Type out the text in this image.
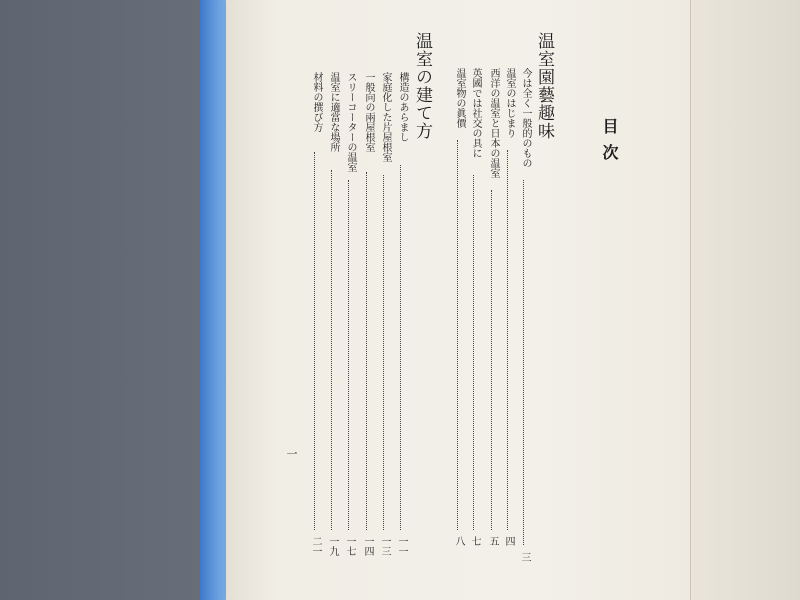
目次
温室園藝趣味
今は全く一般的のもの
三
温室のはじまり
四
西洋の温室と日本の温室
五
英國では社交の具に
七
温室物の眞價
八
温室の建て方
構造のあらまし
一一
家庭化した片屋根室
一三
一般向の兩屋根室
一四
スリーコーターの温室
一七
温室に適當な場所
一九
材料の撰び方
二一
一
